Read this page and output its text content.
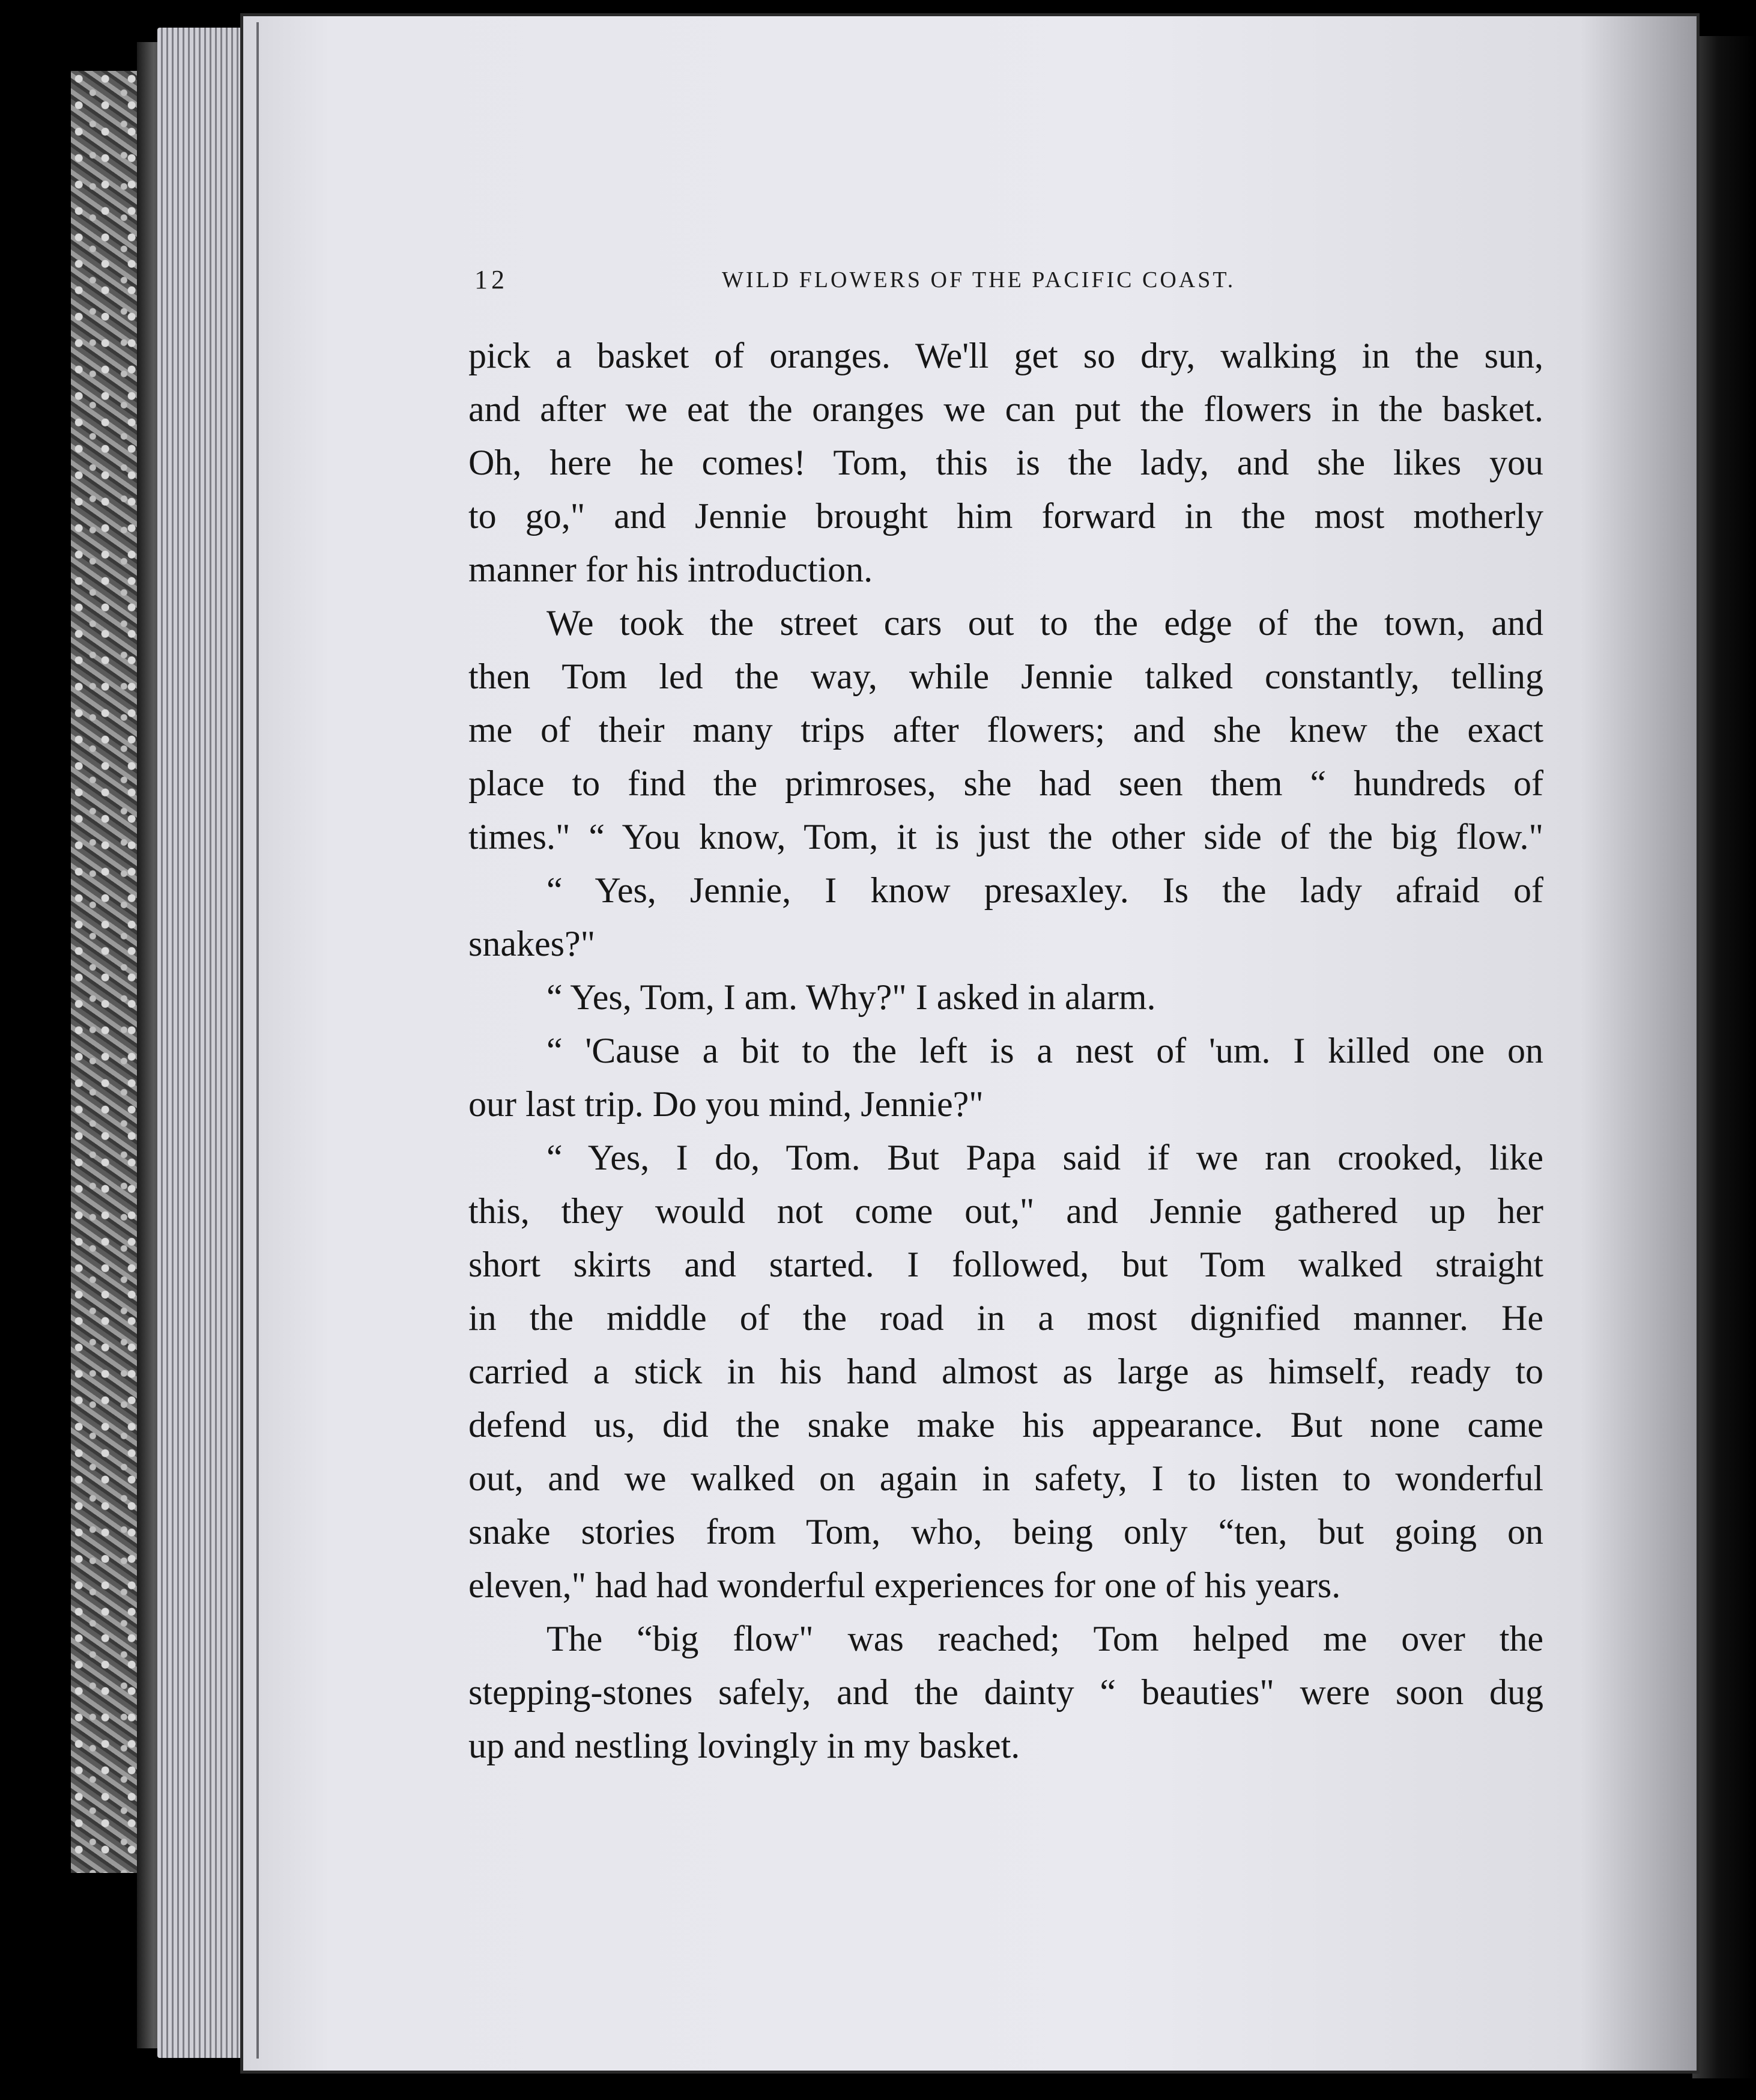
12	WILD FLOWERS OF THE PACIFIC COAST.
pick a basket of oranges. We'll get so dry, walking in the sun,
and after we eat the oranges we can put the flowers in the basket.
Oh, here he comes! Tom, this is the lady, and she likes you
to go," and Jennie brought him forward in the most motherly
manner for his introduction.
We took the street cars out to the edge of the town, and
then Tom led the way, while Jennie talked constantly, telling
me of their many trips after flowers; and she knew the exact
place to find the primroses, she had seen them “ hundreds of
times." “ You know, Tom, it is just the other side of the big flow."
“ Yes, Jennie, I know presaxley. Is the lady afraid of
snakes?"
“ Yes, Tom, I am. Why?" I asked in alarm.
“ 'Cause a bit to the left is a nest of 'um. I killed one on
our last trip. Do you mind, Jennie?"
“ Yes, I do, Tom. But Papa said if we ran crooked, like
this, they would not come out," and Jennie gathered up her
short skirts and started. I followed, but Tom walked straight
in the middle of the road in a most dignified manner. He
carried a stick in his hand almost as large as himself, ready to
defend us, did the snake make his appearance. But none came
out, and we walked on again in safety, I to listen to wonderful
snake stories from Tom, who, being only “ten, but going on
eleven," had had wonderful experiences for one of his years.
The “big flow" was reached; Tom helped me over the
stepping-stones safely, and the dainty “ beauties" were soon dug
up and nestling lovingly in my basket.
